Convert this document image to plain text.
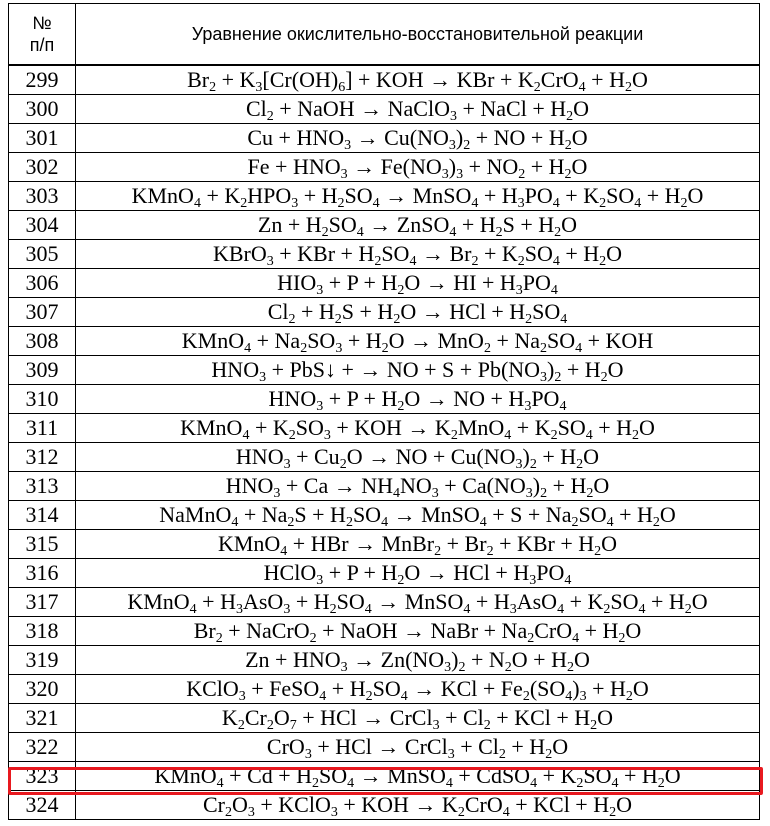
№
п/п	Уравнение окислительно-восстановительной реакции
299	$Br_2 + K_3[Cr(OH)_6]$ + KOH → KBr + $K_2CrO_4 + H_2O$
300	$Cl_2$ + NaOH → NaClO$_3$ + NaCl + $H_2O$
301	$Cu + HNO_3 \to Cu(NO_3)_2$ + NO + $H_2O$
302	$Fe + HNO_3 \to Fe(NO_3)_3 + NO_2 + H_2O$
303	KMnO$_4$ + $K_2HPO_3 + H_2SO_4$ → MnSO$_4$ + $H_3PO_4 + K_2SO_4 + H_2O$
304	$Zn + H_2SO_4$ → ZnSO$_4$ + $H_2S + H_2O$
305	KBrO$_3$ + KBr + $H_2SO_4 \to Br_2 + K_2SO_4 + H_2O$
306	$HIO_3 + P + H_2O$ → HI + $H_3PO_4$
307	$Cl_2 + H_2S + H_2O$ → HCl + $H_2SO_4$
308	KMnO$_4$ + $Na_2SO_3 + H_2O \to MnO_2 + Na_2SO_4$ + KOH
309	$HNO_3$ + PbS↓ + → NO + $S + Pb(NO_3)_2 + H_2O$
310	$HNO_3 + P + H_2O$ → NO + $H_3PO_4$
311	KMnO$_4$ + $K_2SO_3$ + KOH → $K_2MnO_4 + K_2SO_4 + H_2O$
312	$HNO_3 + Cu_2O$ → NO + $Cu(NO_3)_2 + H_2O$
313	$HNO_3 + Ca \to NH_4NO_3 + Ca(NO_3)_2 + H_2O$
314	NaMnO$_4$ + $Na_2S + H_2SO_4$ → MnSO$_4$ + $S + Na_2SO_4 + H_2O$
315	KMnO$_4$ + HBr → MnBr$_2$ + $Br_2$ + KBr + $H_2O$
316	HClO$_3$ + $P + H_2O$ → HCl + $H_3PO_4$
317	KMnO$_4$ + $H_3AsO_3 + H_2SO_4$ → MnSO$_4$ + $H_3AsO_4 + K_2SO_4 + H_2O$
318	$Br_2$ + NaCrO$_2$ + NaOH → NaBr + $Na_2CrO_4 + H_2O$
319	$Zn + HNO_3 \to Zn(NO_3)_2 + N_2O + H_2O$
320	KClO$_3$ + FeSO$_4$ + $H_2SO_4$ → KCl + $Fe_2(SO_4)_3 + H_2O$
321	$K_2Cr_2O_7$ + HCl → CrCl$_3$ + $Cl_2$ + KCl + $H_2O$
322	CrO$_3$ + HCl → CrCl$_3$ + $Cl_2 + H_2O$
323	KMnO$_4$ + $Cd + H_2SO_4$ → MnSO$_4$ + CdSO$_4$ + $K_2SO_4 + H_2O$
324	$Cr_2O_3$ + KClO$_3$ + KOH → $K_2CrO_4$ + KCl + $H_2O$
